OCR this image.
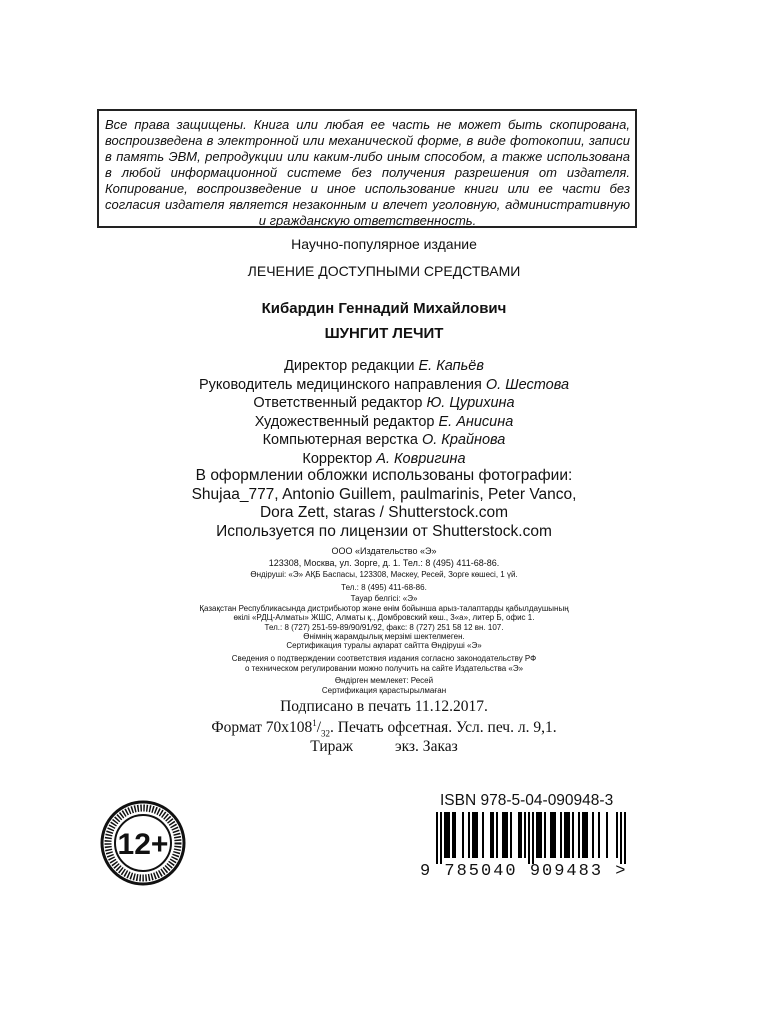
Все права защищены. Книга или любая ее часть не может быть скопирована, воспроизведена в электронной или механической форме, в виде фотокопии, записи в память ЭВМ, репродукции или каким-либо иным способом, а также использована в любой информационной системе без получения разрешения от издателя. Копирование, воспроизведение и иное использование книги или ее части без согласия издателя является незаконным и влечет уголовную, административную и гражданскую ответственность.
Научно-популярное издание
ЛЕЧЕНИЕ ДОСТУПНЫМИ СРЕДСТВАМИ
Кибардин Геннадий Михайлович
ШУНГИТ ЛЕЧИТ
Директор редакции Е. Капьёв
Руководитель медицинского направления О. Шестова
Ответственный редактор Ю. Цурихина
Художественный редактор Е. Анисина
Компьютерная верстка О. Крайнова
Корректор А. Ковригина
В оформлении обложки использованы фотографии:
Shujaa_777, Antonio Guillem, paulmarinis, Peter Vanco,
Dora Zett, staras / Shutterstock.com
Используется по лицензии от Shutterstock.com
ООО «Издательство «Э»
123308, Москва, ул. Зорге, д. 1. Тел.: 8 (495) 411-68-86.
Өндіруші: «Э» АҚБ Баспасы, 123308, Мәскеу, Ресей, Зорге көшесі, 1 үй.
Тел.: 8 (495) 411-68-86.
Тауар белгісі: «Э»
Қазақстан Республикасында дистрибьютор және өнім бойынша арыз-талаптарды қабылдаушының
өкілі «РДЦ-Алматы» ЖШС, Алматы қ., Домбровский көш., 3«а», литер Б, офис 1.
Тел.: 8 (727) 251-59-89/90/91/92, факс: 8 (727) 251 58 12 вн. 107.
Өнімнің жарамдылық мерзімі шектелмеген.
Сертификация туралы ақпарат сайтта Өндіруші «Э»
Сведения о подтверждении соответствия издания согласно законодательству РФ
о техническом регулировании можно получить на сайте Издательства «Э»
Өндірген мемлекет: Ресей
Сертификация қарастырылмаған
Подписано в печать 11.12.2017.
Формат $70x108^1/_{32}$. Печать офсетная. Усл. печ. л. 9,1.
Тираж	экз. Заказ
12+
ISBN 978-5-04-090948-3
9 785040 909483 >
